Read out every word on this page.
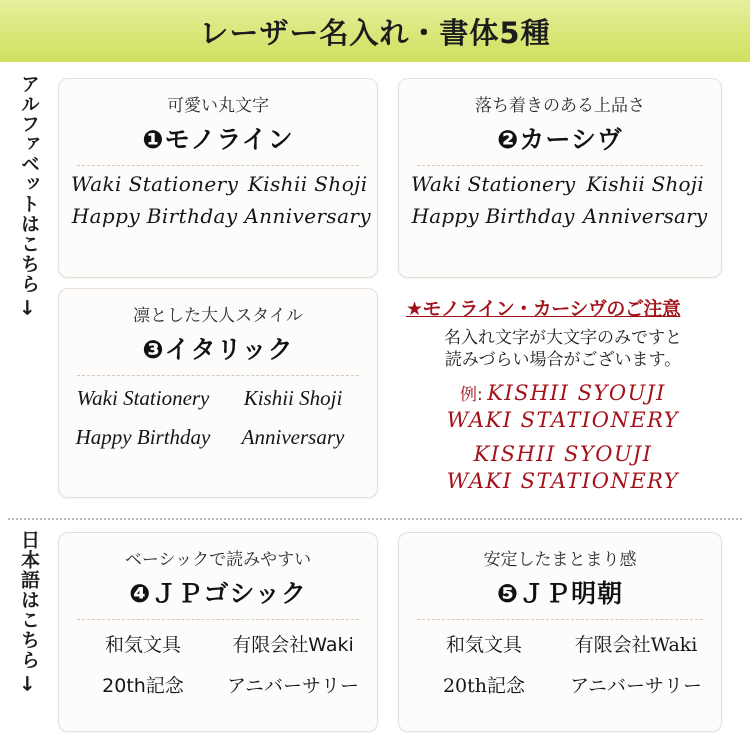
レーザー名入れ・書体5種
アルファベットはこちら
→
日本語はこちら
→
可愛い丸文字
❶モノライン
Waki Stationery Kishii Shoji
Happy Birthday Anniversary
落ち着きのある上品さ
❷カーシヴ
Waki Stationery Kishii Shoji
Happy Birthday Anniversary
凛とした大人スタイル
❸イタリック
Waki Stationery Kishii Shoji
Happy Birthday Anniversary
★モノライン・カーシヴのご注意
名入れ文字が大文字のみですと
読みづらい場合がございます。
例: KISHII SYOUJI
WAKI STATIONERY
KISHII SYOUJI
WAKI STATIONERY
ベーシックで読みやすい
❹ＪＰゴシック
和気文具	有限会社Waki
20th記念 アニバーサリー
安定したまとまり感
❺ＪＰ明朝
和気文具	有限会社Waki
20th記念 アニバーサリー
